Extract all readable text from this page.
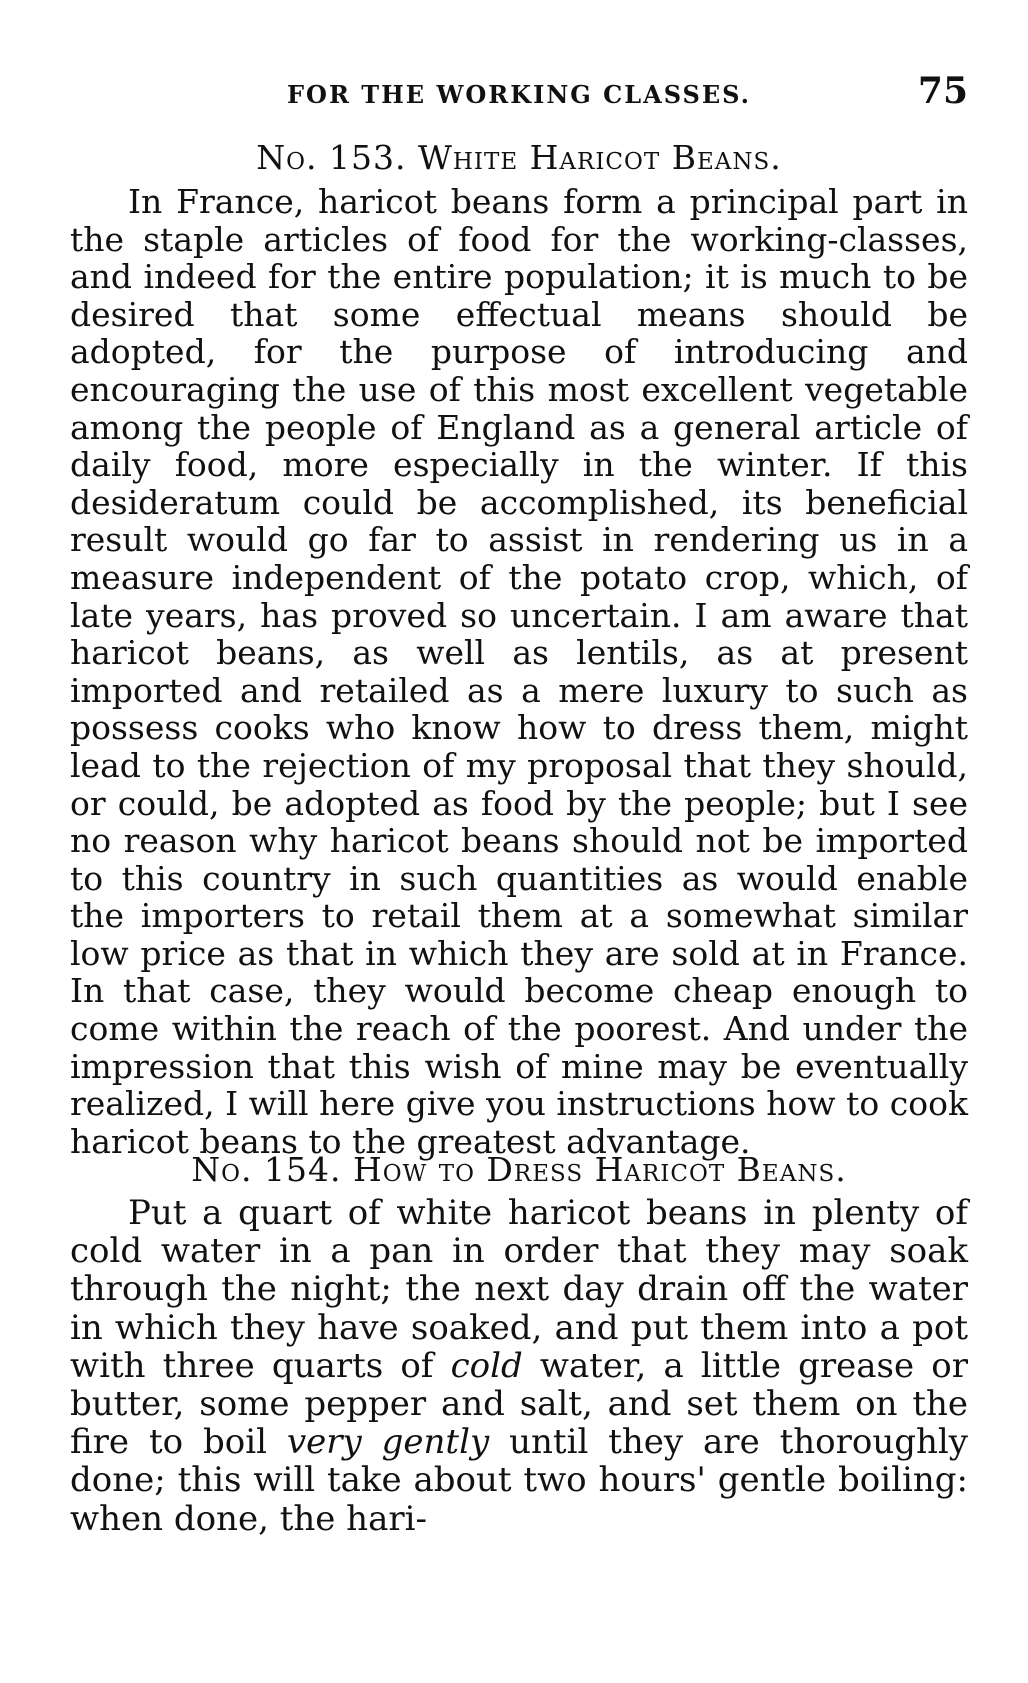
FOR THE WORKING CLASSES.	75
No. 153. White Haricot Beans.
In France, haricot beans form a principal part in the staple articles of food for the working-classes, and indeed for the entire population; it is much to be desired that some effectual means should be adopted, for the purpose of introducing and encouraging the use of this most excellent vegetable among the people of England as a general article of daily food, more especially in the winter. If this desideratum could be accomplished, its beneficial result would go far to assist in rendering us in a measure independent of the potato crop, which, of late years, has proved so uncertain. I am aware that haricot beans, as well as lentils, as at present imported and retailed as a mere luxury to such as possess cooks who know how to dress them, might lead to the rejection of my proposal that they should, or could, be adopted as food by the people; but I see no reason why haricot beans should not be imported to this country in such quantities as would enable the importers to retail them at a somewhat similar low price as that in which they are sold at in France. In that case, they would become cheap enough to come within the reach of the poorest. And under the impression that this wish of mine may be eventually realized, I will here give you instructions how to cook haricot beans to the greatest advantage.
No. 154. How to Dress Haricot Beans.
Put a quart of white haricot beans in plenty of cold water in a pan in order that they may soak through the night; the next day drain off the water in which they have soaked, and put them into a pot with three quarts of cold water, a little grease or butter, some pepper and salt, and set them on the fire to boil very gently until they are thoroughly done; this will take about two hours' gentle boiling: when done, the hari-
